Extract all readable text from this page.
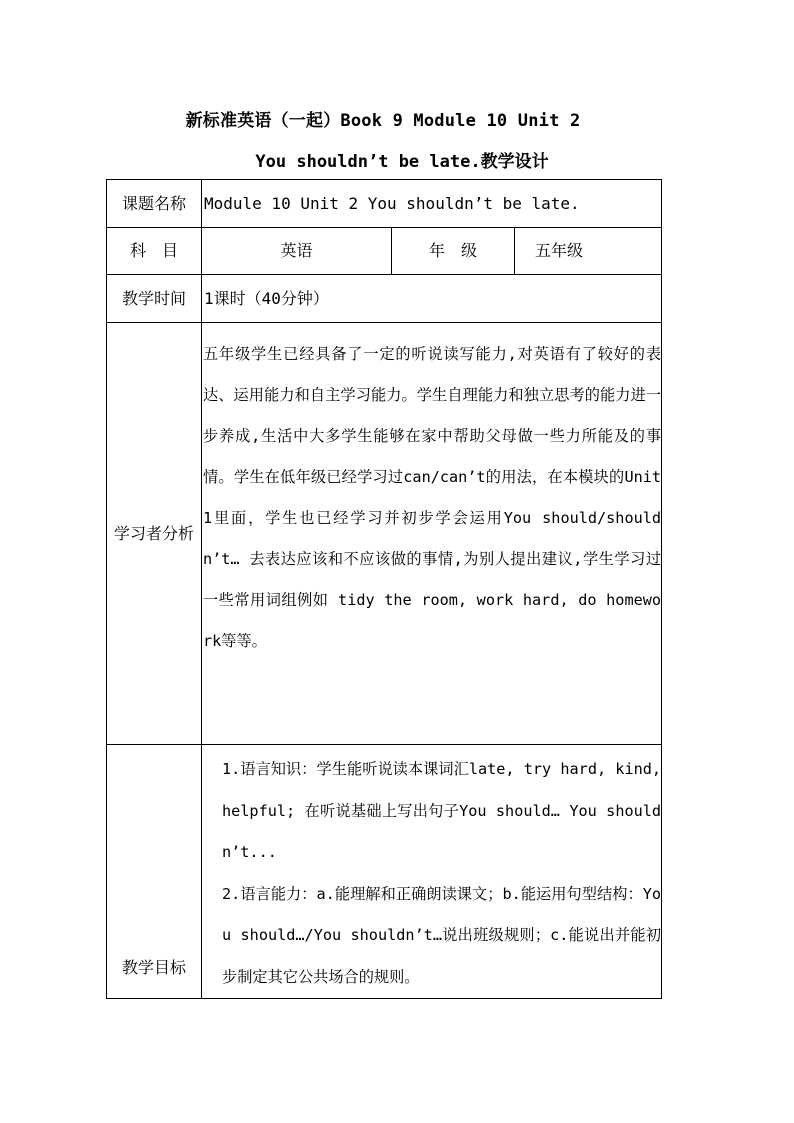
新标准英语（一起）Book 9 Module 10 Unit 2
You shouldn’t be late.教学设计
课题名称	Module 10 Unit 2 You shouldn’t be late.		
科　目	英语	年　级	五年级
教学时间	1课时（40分钟）		
学习者分析	五年级学生已经具备了一定的听说读写能力,对英语有了较好的表达、运用能力和自主学习能力。学生自理能力和独立思考的能力进一步养成,生活中大多学生能够在家中帮助父母做一些力所能及的事情。学生在低年级已经学习过can/can’t的用法，在本模块的Unit 1里面，学生也已经学习并初步学会运用You should/shouldn’t… 去表达应该和不应该做的事情,为别人提出建议,学生学习过一些常用词组例如 tidy the room, work hard, do homework等等。		
教学目标	1.语言知识：学生能听说读本课词汇late, try hard, kind, helpful; 在听说基础上写出句子You should… You shouldn’t...

2.语言能力：a.能理解和正确朗读课文；b.能运用句型结构：You should…/You shouldn’t…说出班级规则；c.能说出并能初步制定其它公共场合的规则。		
